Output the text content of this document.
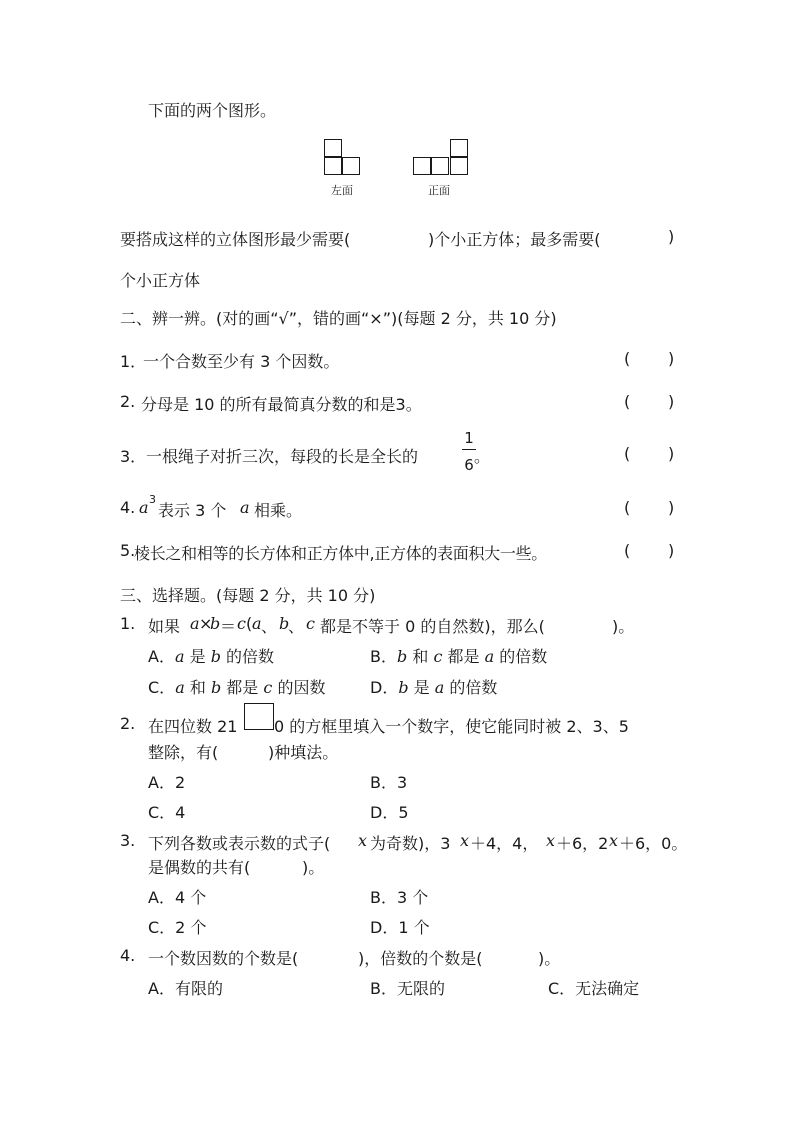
下面的两个图形。
左面	正面
要搭成这样的立体图形最少需要(	)个小正方体；最多需要(	)
个小正方体
二、辨一辨。(对的画“√”，错的画“×”)(每题 2 分，共 10 分)
1．
一个合数至少有 3 个因数。	( )
2. 分母是 10 的所有最简真分数的和是3。	( )
3． 一根绳子对折三次，每段的长是全长的
1
6 。	( )
4. a 3
表示 3 个 a 相乘。	( )
5.
棱长之和相等的长方体和正方体中,正方体的表面积大一些。	( )
三、选择题。(每题 2 分，共 10 分)
1. 如果 a ×
b ＝ c ( a 、 b
、 c 都是不等于 0 的自然数)，那么(	)。
A．a 是 b 的倍数	B．b 和 c 都是 a 的倍数
C．a 和 b 都是 c 的因数	D．b 是 a 的倍数
2. 在四位数 21 0 的方框里填入一个数字，使它能同时被 2、3、5
整除，有(	)种填法。
A．2	B．3
C．4	D．5
3. 下列各数或表示数的式子( x 为奇数)，3 x ＋4，4， x ＋6，2 x ＋6，0。
是偶数的共有(	)。
A．4 个	B．3 个
C．2 个	D．1 个
4. 一个数因数的个数是(	)，倍数的个数是(	)。
A．有限的	B．无限的	C．无法确定
